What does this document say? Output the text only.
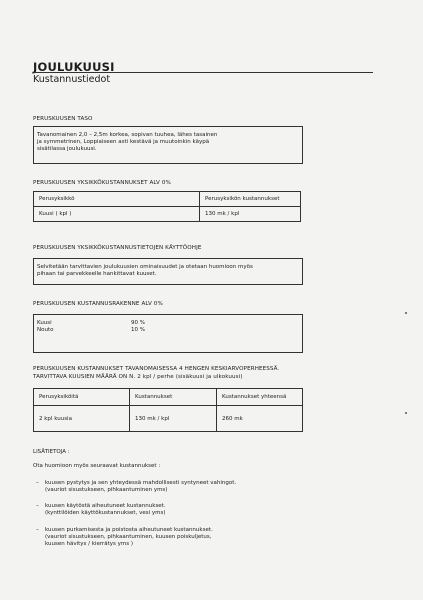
JOULUKUUSI
Kustannustiedot
PERUSKUUSEN TASO
Tavanomainen 2,0 – 2,5m korkea, sopivan tuuhea, lähes tasainen
ja symmetrinen, Loppiaiseen asti kestävä ja muutoinkin käypä
sisätilassa joulukuusi.
PERUSKUUSEN YKSIKKÖKUSTANNUKSET ALV 0%
Perusyksikkö	Perusyksikön kustannukset
Kuusi ( kpl )	130 mk / kpl
PERUSKUUSEN YKSIKKÖKUSTANNUSTIETOJEN KÄYTTÖOHJE
Selvitetään tarvittavien joulukuusien ominaisuudet ja otetaan huomioon myös
pihaan tai parvekkeelle hankittavat kuuset.
PERUSKUUSEN KUSTANNUSRAKENNE ALV 0%
Kuusi	90 %
Nouto	10 %
PERUSKUUSEN KUSTANNUKSET TAVANOMAISESSA 4 HENGEN KESKIARVOPERHEESSÄ.
TARVITTAVA KUUSIEN MÄÄRÄ ON N. 2 kpl / perhe (sisäkuusi ja ulkokuusi)
Perusyksiköitä	Kustannukset	Kustannukset yhteensä
2 kpl kuusia	130 mk / kpl	260 mk
LISÄTIETOJA :
Ota huomioon myös seuraavat kustannukset :
– kuusen pystytys ja sen yhteydessä mahdollisesti syntyneet vahingot.
(vauriot sisustukseen, pihkaantuminen yms)
– kuusen käytöstä aiheutuneet kustannukset.
(kynttilöiden käyttökustannukset, vesi yms)
– kuusen purkamisesta ja poistosta aiheutuneet kustannukset.
(vauriot sisustukseen, pihkaantuminen, kuusen poiskuljetus,
kuusen hävitys / kierrätys yms )
